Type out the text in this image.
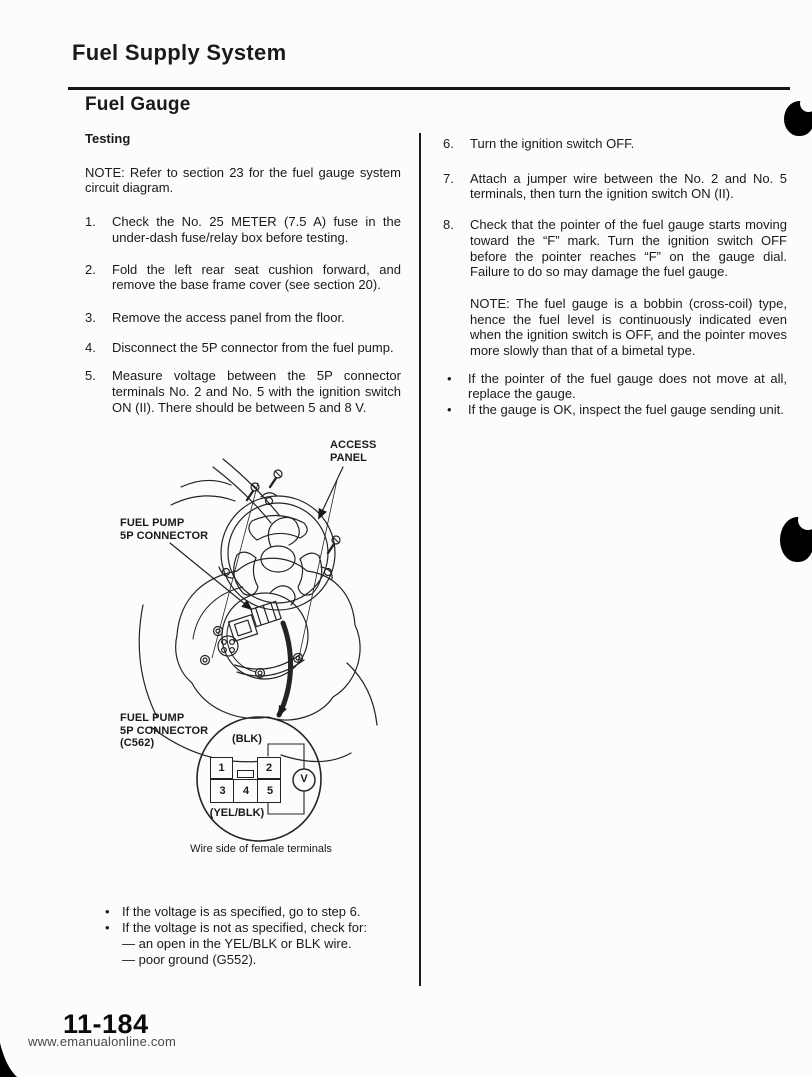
Fuel Supply System
Fuel Gauge
Testing

NOTE: Refer to section 23 for the fuel gauge system circuit diagram.

1.	Check the No. 25 METER (7.5 A) fuse in the under-dash fuse/relay box before testing.
2.	Fold the left rear seat cushion forward, and remove the base frame cover (see section 20).
3.	Remove the access panel from the floor.
4.	Disconnect the 5P connector from the fuel pump.
5.	Measure voltage between the 5P connector terminals No. 2 and No. 5 with the ignition switch ON (II). There should be between 5 and 8 V.
ACCESS
PANEL
FUEL PUMP
5P CONNECTOR
FUEL PUMP
5P CONNECTOR
(C562)	(BLK)
1	2
3	4	5
(YEL/BLK)
V
Wire side of female terminals
• If the voltage is as specified, go to step 6.
• If the voltage is not as specified, check for:
— an open in the YEL/BLK or BLK wire.
— poor ground (G552).
6.	Turn the ignition switch OFF.
7.	Attach a jumper wire between the No. 2 and No. 5 terminals, then turn the ignition switch ON (II).
8.	Check that the pointer of the fuel gauge starts moving toward the “F” mark. Turn the ignition switch OFF before the pointer reaches “F” on the gauge dial. Failure to do so may damage the fuel gauge.

NOTE: The fuel gauge is a bobbin (cross-coil) type, hence the fuel level is continuously indicated even when the ignition switch is OFF, and the pointer moves more slowly than that of a bimetal type.

•	If the pointer of the fuel gauge does not move at all, replace the gauge.
•	If the gauge is OK, inspect the fuel gauge sending unit.
www.emanualonline.com
11-184
